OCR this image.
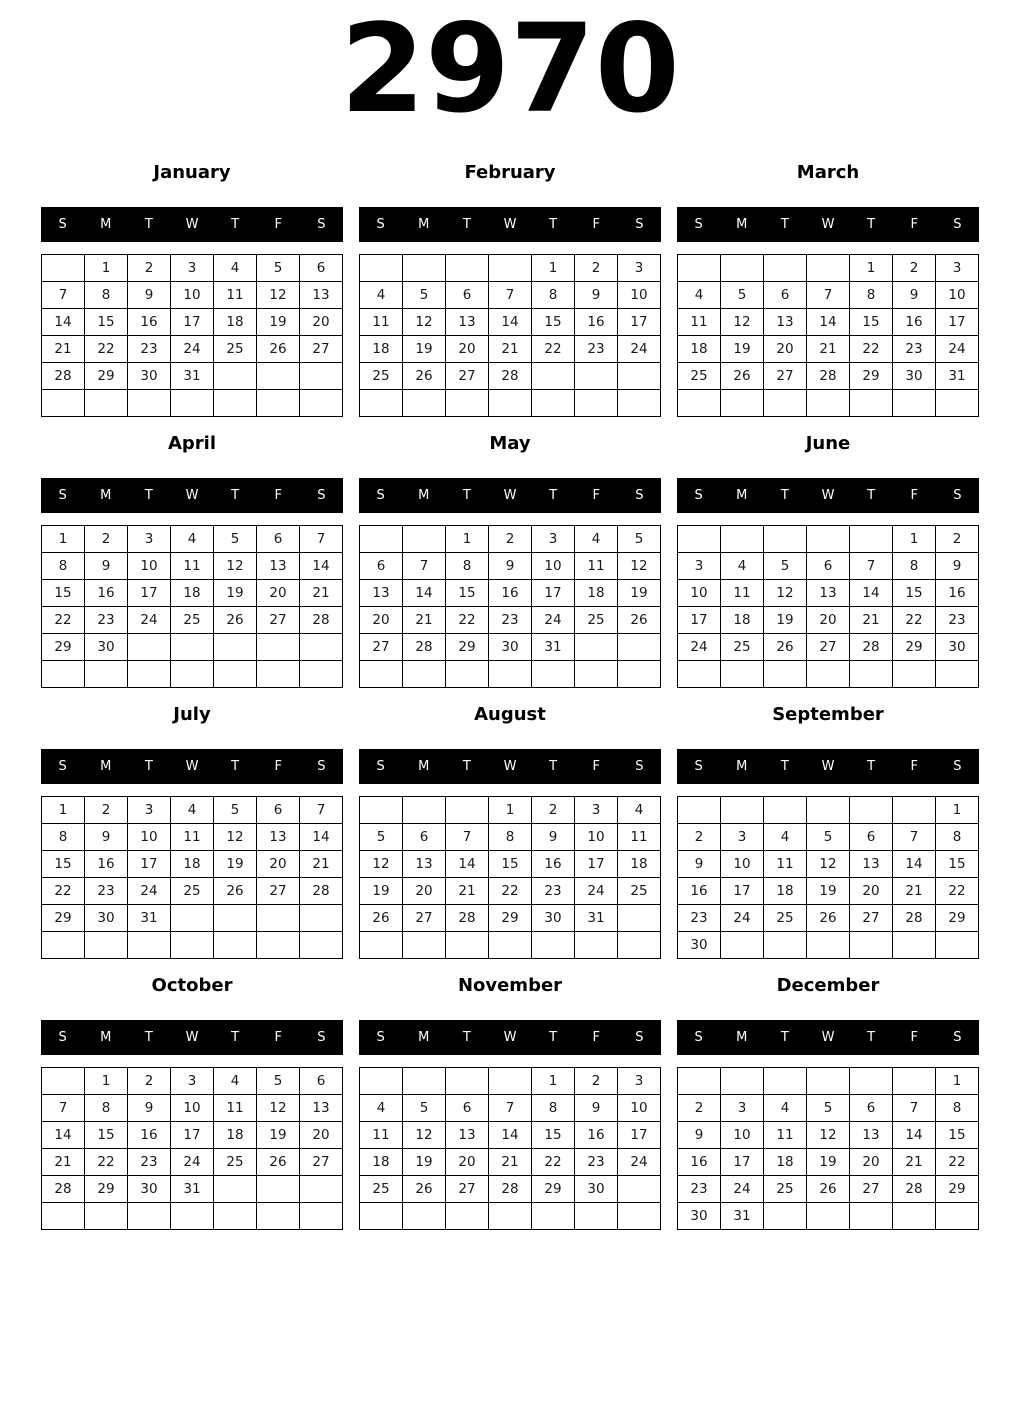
2970
January
S	M	T	W	T	F	S
	1	2	3	4	5	6
7	8	9	10	11	12	13
14	15	16	17	18	19	20
21	22	23	24	25	26	27
28	29	30	31			

February
S	M	T	W	T	F	S
				1	2	3
4	5	6	7	8	9	10
11	12	13	14	15	16	17
18	19	20	21	22	23	24
25	26	27	28			

March
S	M	T	W	T	F	S
				1	2	3
4	5	6	7	8	9	10
11	12	13	14	15	16	17
18	19	20	21	22	23	24
25	26	27	28	29	30	31

April
S	M	T	W	T	F	S
1	2	3	4	5	6	7
8	9	10	11	12	13	14
15	16	17	18	19	20	21
22	23	24	25	26	27	28
29	30					

May
S	M	T	W	T	F	S
		1	2	3	4	5
6	7	8	9	10	11	12
13	14	15	16	17	18	19
20	21	22	23	24	25	26
27	28	29	30	31		

June
S	M	T	W	T	F	S
					1	2
3	4	5	6	7	8	9
10	11	12	13	14	15	16
17	18	19	20	21	22	23
24	25	26	27	28	29	30

July
S	M	T	W	T	F	S
1	2	3	4	5	6	7
8	9	10	11	12	13	14
15	16	17	18	19	20	21
22	23	24	25	26	27	28
29	30	31				

August
S	M	T	W	T	F	S
			1	2	3	4
5	6	7	8	9	10	11
12	13	14	15	16	17	18
19	20	21	22	23	24	25
26	27	28	29	30	31	

September
S	M	T	W	T	F	S
						1
2	3	4	5	6	7	8
9	10	11	12	13	14	15
16	17	18	19	20	21	22
23	24	25	26	27	28	29
30						
October
S	M	T	W	T	F	S
	1	2	3	4	5	6
7	8	9	10	11	12	13
14	15	16	17	18	19	20
21	22	23	24	25	26	27
28	29	30	31			

November
S	M	T	W	T	F	S
				1	2	3
4	5	6	7	8	9	10
11	12	13	14	15	16	17
18	19	20	21	22	23	24
25	26	27	28	29	30	

December
S	M	T	W	T	F	S
						1
2	3	4	5	6	7	8
9	10	11	12	13	14	15
16	17	18	19	20	21	22
23	24	25	26	27	28	29
30	31					
